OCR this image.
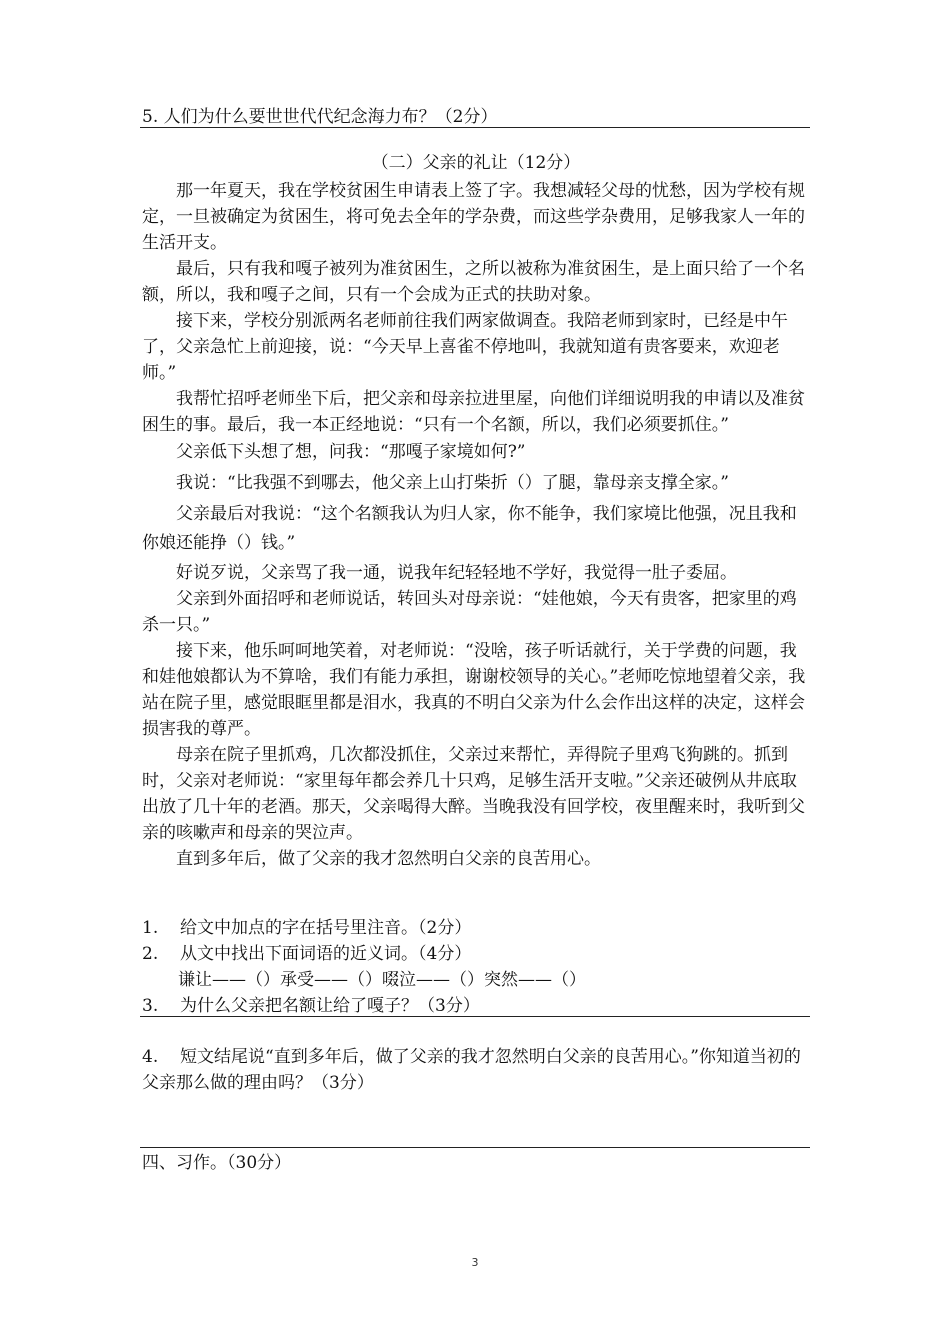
5. 人们为什么要世世代代纪念海力布？（2分）
（二）父亲的礼让（12分）

那一年夏天，我在学校贫困生申请表上签了字。我想减轻父母的忧愁，因为学校有规定，一旦被确定为贫困生，将可免去全年的学杂费，而这些学杂费用，足够我家人一年的生活开支。

最后，只有我和嘎子被列为准贫困生，之所以被称为准贫困生，是上面只给了一个名额，所以，我和嘎子之间，只有一个会成为正式的扶助对象。

接下来，学校分别派两名老师前往我们两家做调查。我陪老师到家时，已经是中午了，父亲急忙上前迎接，说：“今天早上喜雀不停地叫，我就知道有贵客要来，欢迎老师。”

我帮忙招呼老师坐下后，把父亲和母亲拉进里屋，向他们详细说明我的申请以及准贫困生的事。最后，我一本正经地说：“只有一个名额，所以，我们必须要抓住。”

父亲低下头想了想，问我：“那嘎子家境如何?”

我说：“比我强不到哪去，他父亲上山打柴折（）了腿，靠母亲支撑全家。”

父亲最后对我说：“这个名额我认为归人家，你不能争，我们家境比他强，况且我和你娘还能挣（）钱。”

好说歹说，父亲骂了我一通，说我年纪轻轻地不学好，我觉得一肚子委屈。

父亲到外面招呼和老师说话，转回头对母亲说：“娃他娘，今天有贵客，把家里的鸡杀一只。”

接下来，他乐呵呵地笑着，对老师说：“没啥，孩子听话就行，关于学费的问题，我和娃他娘都认为不算啥，我们有能力承担，谢谢校领导的关心。”老师吃惊地望着父亲，我站在院子里，感觉眼眶里都是泪水，我真的不明白父亲为什么会作出这样的决定，这样会损害我的尊严。

母亲在院子里抓鸡，几次都没抓住，父亲过来帮忙，弄得院子里鸡飞狗跳的。抓到时，父亲对老师说：“家里每年都会养几十只鸡，足够生活开支啦。”父亲还破例从井底取出放了几十年的老酒。那天，父亲喝得大醉。当晚我没有回学校，夜里醒来时，我听到父亲的咳嗽声和母亲的哭泣声。

直到多年后，做了父亲的我才忽然明白父亲的良苦用心。

1. 给文中加点的字在括号里注音。（2分）

2. 从文中找出下面词语的近义词。（4分）

谦让——（）承受——（）啜泣——（）突然——（）

3. 为什么父亲把名额让给了嘎子？（3分）

4. 短文结尾说“直到多年后，做了父亲的我才忽然明白父亲的良苦用心。”你知道当初的父亲那么做的理由吗？（3分）
四、习作。（30分）
3
